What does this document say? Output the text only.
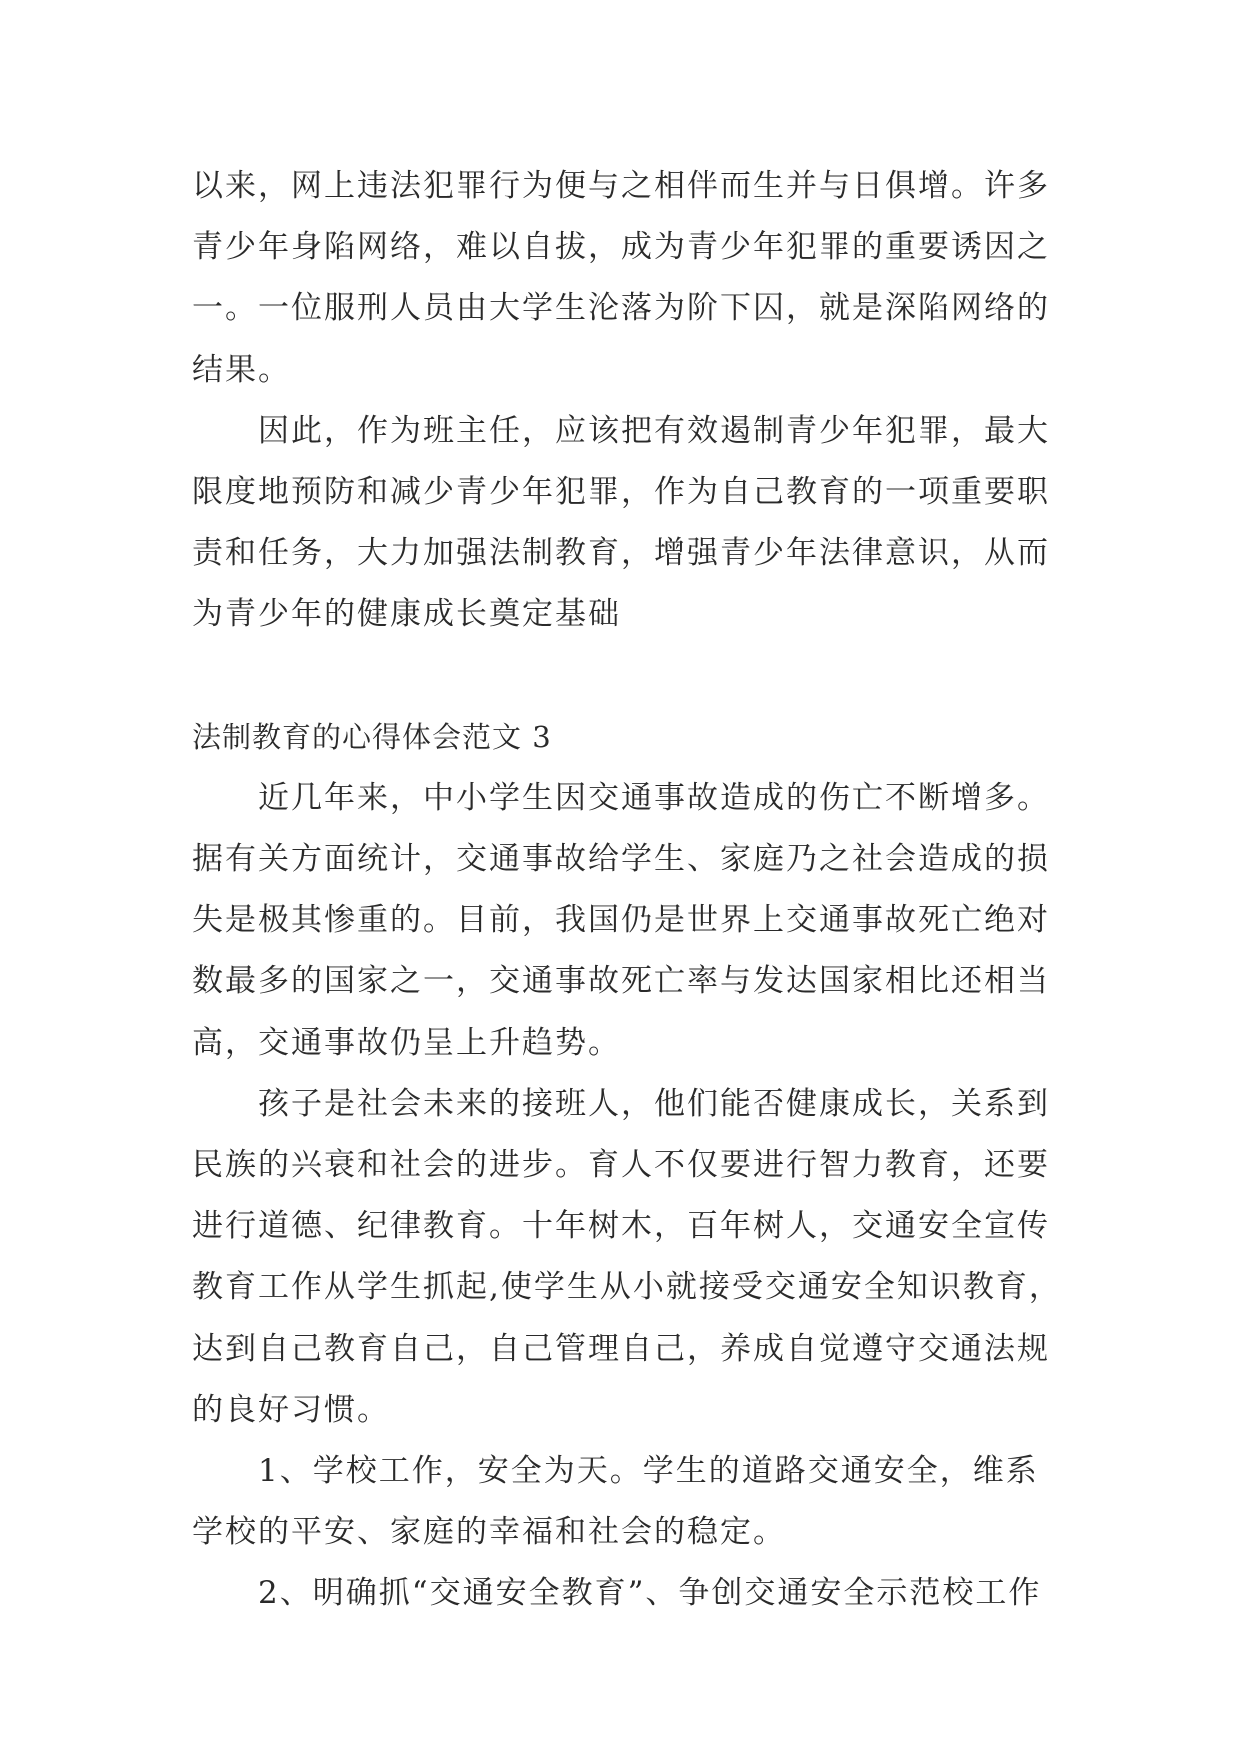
以来，网上违法犯罪行为便与之相伴而生并与日俱增。许多青少年身陷网络，难以自拔，成为青少年犯罪的重要诱因之一。一位服刑人员由大学生沦落为阶下囚，就是深陷网络的结果。

因此，作为班主任，应该把有效遏制青少年犯罪，最大限度地预防和减少青少年犯罪，作为自己教育的一项重要职责和任务，大力加强法制教育，增强青少年法律意识，从而为青少年的健康成长奠定基础

法制教育的心得体会范文 3

近几年来，中小学生因交通事故造成的伤亡不断增多。据有关方面统计，交通事故给学生、家庭乃之社会造成的损失是极其惨重的。目前，我国仍是世界上交通事故死亡绝对数最多的国家之一，交通事故死亡率与发达国家相比还相当高，交通事故仍呈上升趋势。

孩子是社会未来的接班人，他们能否健康成长，关系到民族的兴衰和社会的进步。育人不仅要进行智力教育，还要进行道德、纪律教育。十年树木，百年树人，交通安全宣传教育工作从学生抓起,使学生从小就接受交通安全知识教育，达到自己教育自己，自己管理自己，养成自觉遵守交通法规的良好习惯。

1、学校工作，安全为天。学生的道路交通安全，维系学校的平安、家庭的幸福和社会的稳定。

2、明确抓“交通安全教育”、争创交通安全示范校工作
